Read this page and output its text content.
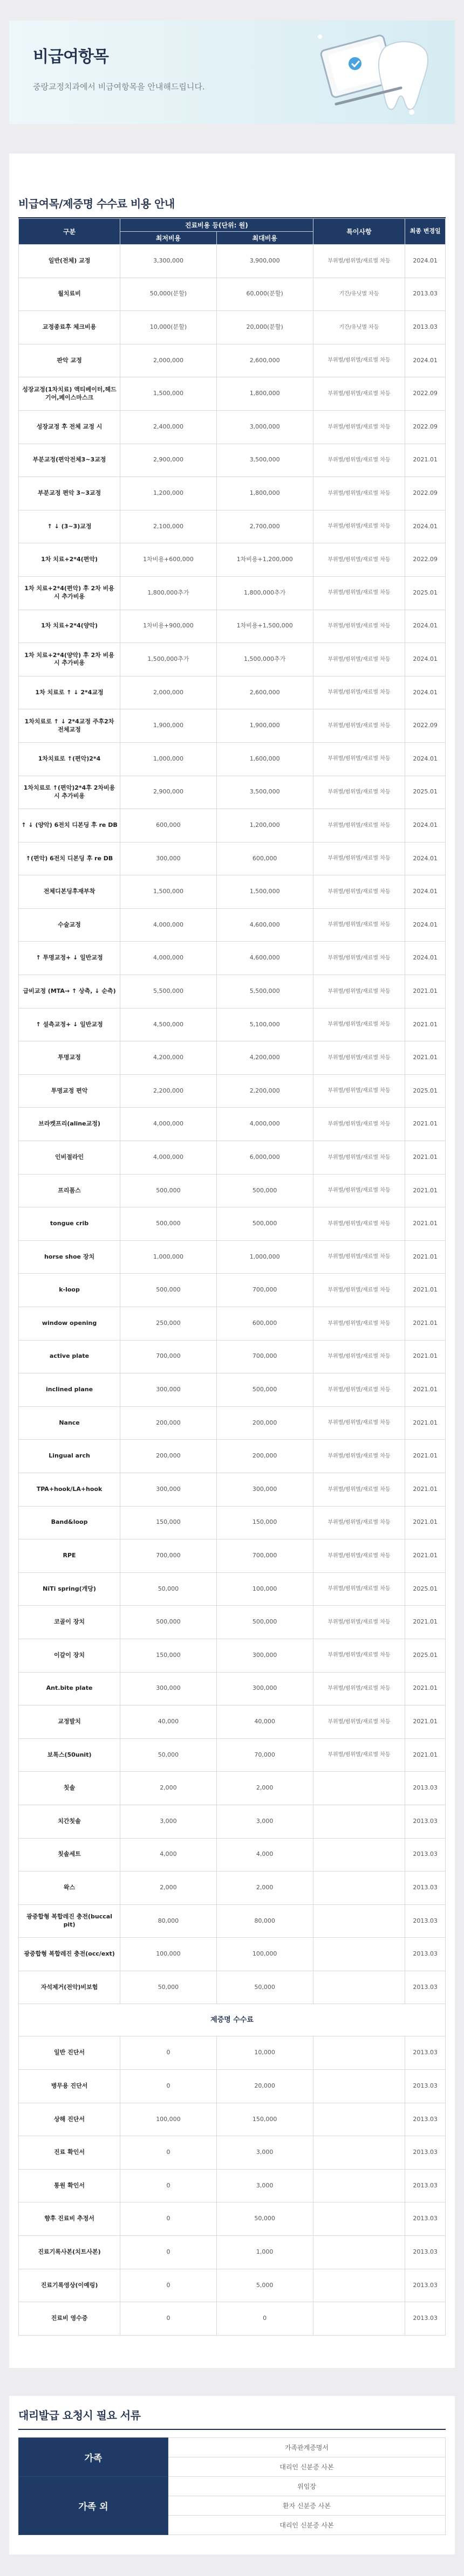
비급여항목

중랑교정치과에서 비급여항목을 안내해드립니다.

비급여목/제증명 수수료 비용 안내
구분	진료비용 등(단위: 원)		특이사항	최종 변경일
	최저비용	최대비용		
일반(전체) 교정	3,300,000	3,900,000	부위별/범위별/재료별 차등	2024.01
월치료비	50,000(분할)	60,000(분할)	기간/유닛별 차등	2013.03
교정종료후 체크비용	10,000(분할)	20,000(분할)	기간/유닛별 차등	2013.03
판악 교정	2,000,000	2,600,000	부위별/범위별/재료별 차등	2024.01
성장교정(1차치료) 액티베이터,헤드기어,페이스마스크	1,500,000	1,800,000	부위별/범위별/재료별 차등	2022.09
성장교정 후 전체 교정 시	2,400,000	3,000,000	부위별/범위별/재료별 차등	2022.09
부분교정(편악전체3~3교정	2,900,000	3,500,000	부위별/범위별/재료별 차등	2021.01
부분교정 편악 3~3교정	1,200,000	1,800,000	부위별/범위별/재료별 차등	2022.09
↑ ↓ (3~3)교정	2,100,000	2,700,000	부위별/범위별/재료별 차등	2024.01
1차 치료+2*4(편악)	1차비용+600,000	1차비용+1,200,000	부위별/범위별/재료별 차등	2022.09
1차 치료+2*4(편악) 후 2차 비용 시 추가비용	1,800,000추가	1,800,000추가	부위별/범위별/재료별 차등	2025.01
1차 치료+2*4(양악)	1차비용+900,000	1차비용+1,500,000	부위별/범위별/재료별 차등	2024.01
1차 치료+2*4(양악) 후 2차 비용 시 추가비용	1,500,000추가	1,500,000추가	부위별/범위별/재료별 차등	2024.01
1차 치료로 ↑ ↓ 2*4교정	2,000,000	2,600,000	부위별/범위별/재료별 차등	2024.01
1차치료로 ↑ ↓ 2*4교정 주후2차 전체교정	1,900,000	1,900,000	부위별/범위별/재료별 차등	2022.09
1차치료로 ↑(편악)2*4	1,000,000	1,600,000	부위별/범위별/재료별 차등	2024.01
1차치료로 ↑(편악)2*4후 2차비용시 추가비용	2,900,000	3,500,000	부위별/범위별/재료별 차등	2025.01
↑ ↓ (양악) 6전치 디본딩 후 re DB	600,000	1,200,000	부위별/범위별/재료별 차등	2024.01
↑(편악) 6전치 디본딩 후 re DB	300,000	600,000	부위별/범위별/재료별 차등	2024.01
전체디본딩후재부착	1,500,000	1,500,000	부위별/범위별/재료별 차등	2024.01
수술교정	4,000,000	4,600,000	부위별/범위별/재료별 차등	2024.01
↑ 투명교정+ ↓ 일반교정	4,000,000	4,600,000	부위별/범위별/재료별 차등	2024.01
급비교정 (MTA→ ↑ 상측, ↓ 순측)	5,500,000	5,500,000	부위별/범위별/재료별 차등	2021.01
↑ 설측교정+ ↓ 일반교정	4,500,000	5,100,000	부위별/범위별/재료별 차등	2021.01
투명교정	4,200,000	4,200,000	부위별/범위별/재료별 차등	2021.01
투명교정 편악	2,200,000	2,200,000	부위별/범위별/재료별 차등	2025.01
브라켓프리(aline교정)	4,000,000	4,000,000	부위별/범위별/재료별 차등	2021.01
인비절라인	4,000,000	6,000,000	부위별/범위별/재료별 차등	2021.01
프리폼스	500,000	500,000	부위별/범위별/재료별 차등	2021.01
tongue crib	500,000	500,000	부위별/범위별/재료별 차등	2021.01
horse shoe 장치	1,000,000	1,000,000	부위별/범위별/재료별 차등	2021.01
k-loop	500,000	700,000	부위별/범위별/재료별 차등	2021.01
window opening	250,000	600,000	부위별/범위별/재료별 차등	2021.01
active plate	700,000	700,000	부위별/범위별/재료별 차등	2021.01
inclined plane	300,000	500,000	부위별/범위별/재료별 차등	2021.01
Nance	200,000	200,000	부위별/범위별/재료별 차등	2021.01
Lingual arch	200,000	200,000	부위별/범위별/재료별 차등	2021.01
TPA+hook/LA+hook	300,000	300,000	부위별/범위별/재료별 차등	2021.01
Band&loop	150,000	150,000	부위별/범위별/재료별 차등	2021.01
RPE	700,000	700,000	부위별/범위별/재료별 차등	2021.01
NiTi spring(개당)	50,000	100,000	부위별/범위별/재료별 차등	2025.01
코골이 장치	500,000	500,000	부위별/범위별/재료별 차등	2021.01
이갈이 장치	150,000	300,000	부위별/범위별/재료별 차등	2025.01
Ant.bite plate	300,000	300,000	부위별/범위별/재료별 차등	2021.01
교정발치	40,000	40,000	부위별/범위별/재료별 차등	2021.01
보톡스(50unit)	50,000	70,000	부위별/범위별/재료별 차등	2021.01
칫솔	2,000	2,000		2013.03
치간칫솔	3,000	3,000		2013.03
칫솔세트	4,000	4,000		2013.03
왁스	2,000	2,000		2013.03
광중합형 복합레진 충전(buccal pit)	80,000	80,000		2013.03
광중합형 복합레진 충전(occ/ext)	100,000	100,000		2013.03
자석제거(전악)비보험	50,000	50,000		2013.03
제증명 수수료				
일반 진단서	0	10,000		2013.03
병무용 진단서	0	20,000		2013.03
상해 진단서	100,000	150,000		2013.03
진료 확인서	0	3,000		2013.03
통원 확인서	0	3,000		2013.03
향후 진료비 추정서	0	50,000		2013.03
진료기록사본(치트사본)	0	1,000		2013.03
진료기록영상(이예링)	0	5,000		2013.03
진료비 영수증	0	0		2013.03
대리발급 요청시 필요 서류
가족	가족관계증명서
	대리인 신분증 사본
가족 외	위임장
	환자 신분증 사본
	대리인 신분증 사본
